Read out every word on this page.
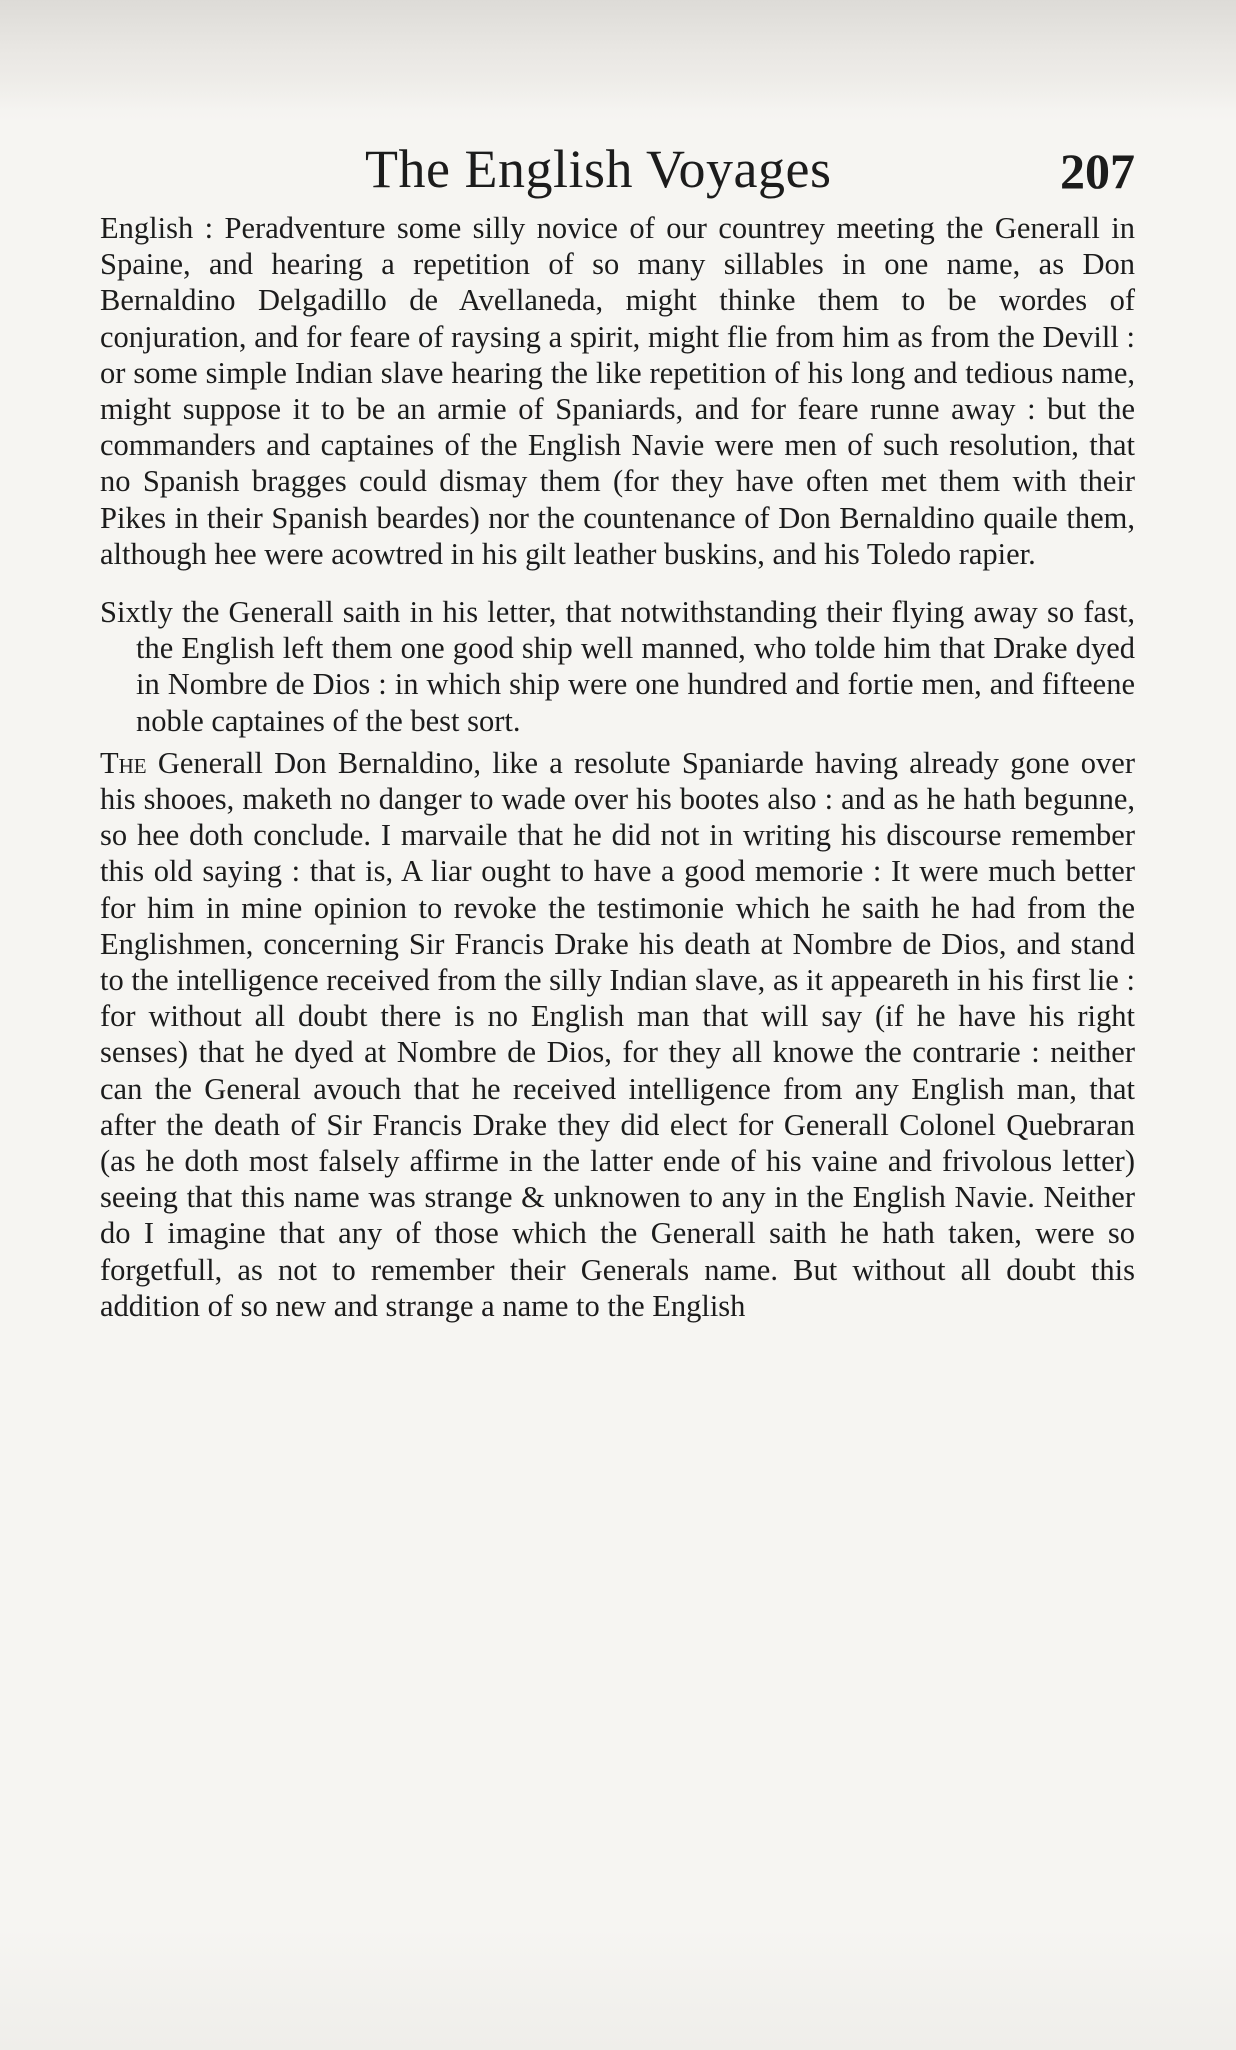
The English Voyages	207

English : Peradventure some silly novice of our countrey meeting the Generall in Spaine, and hearing a repetition of so many sillables in one name, as Don Bernaldino Delgadillo de Avellaneda, might thinke them to be wordes of conjuration, and for feare of raysing a spirit, might flie from him as from the Devill : or some simple Indian slave hearing the like repetition of his long and tedious name, might suppose it to be an armie of Spaniards, and for feare runne away : but the commanders and captaines of the English Navie were men of such resolution, that no Spanish bragges could dismay them (for they have often met them with their Pikes in their Spanish beardes) nor the countenance of Don Bernaldino quaile them, although hee were acowtred in his gilt leather buskins, and his Toledo rapier.

Sixtly the Generall saith in his letter, that notwithstanding their flying away so fast, the English left them one good ship well manned, who tolde him that Drake dyed in Nombre de Dios : in which ship were one hundred and fortie men, and fifteene noble captaines of the best sort.

The Generall Don Bernaldino, like a resolute Spaniarde having already gone over his shooes, maketh no danger to wade over his bootes also : and as he hath begunne, so hee doth conclude. I marvaile that he did not in writing his discourse remember this old saying : that is, A liar ought to have a good memorie : It were much better for him in mine opinion to revoke the testimonie which he saith he had from the Englishmen, concerning Sir Francis Drake his death at Nombre de Dios, and stand to the intelligence received from the silly Indian slave, as it appeareth in his first lie : for without all doubt there is no English man that will say (if he have his right senses) that he dyed at Nombre de Dios, for they all knowe the contrarie : neither can the General avouch that he received intelligence from any English man, that after the death of Sir Francis Drake they did elect for Generall Colonel Quebraran (as he doth most falsely affirme in the latter ende of his vaine and frivolous letter) seeing that this name was strange & unknowen to any in the English Navie. Neither do I imagine that any of those which the Generall saith he hath taken, were so forgetfull, as not to remember their Generals name. But without all doubt this addition of so new and strange a name to the English
